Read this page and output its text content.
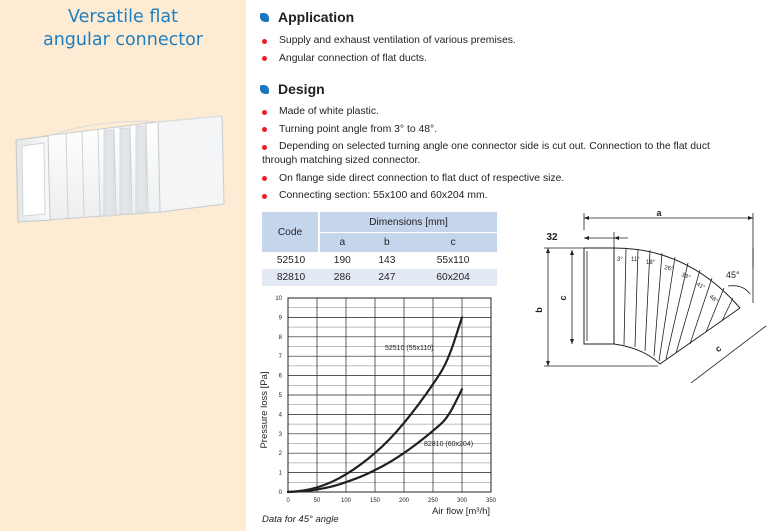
Versatile flat
angular connector
Application
Supply and exhaust ventilation of various premises.
Angular connection of flat ducts.
Design
Made of white plastic.
Turning point angle from 3° to 48°.
Depending on selected turning angle one connector side is cut out. Connection to the flat duct
through matching sized connector.
On flange side direct connection to flat duct of respective size.
Connecting section: 55x100 and 60x204 mm.
Code	Dimensions [mm]		
	a	b	c
52510	190	143	55x110
82810	286	247	60x204
0
1
2
3
4
5
6
7
8
9
10
0	50	100	150	200	250	300	350
Pressure loss [Pa]
Air flow [m³/h]
52510 (55x110)
82810 (60x204)
Data for 45° angle
a
32
b
c
c
45°
3° 11° 18°
26°
33°
41°
48°
